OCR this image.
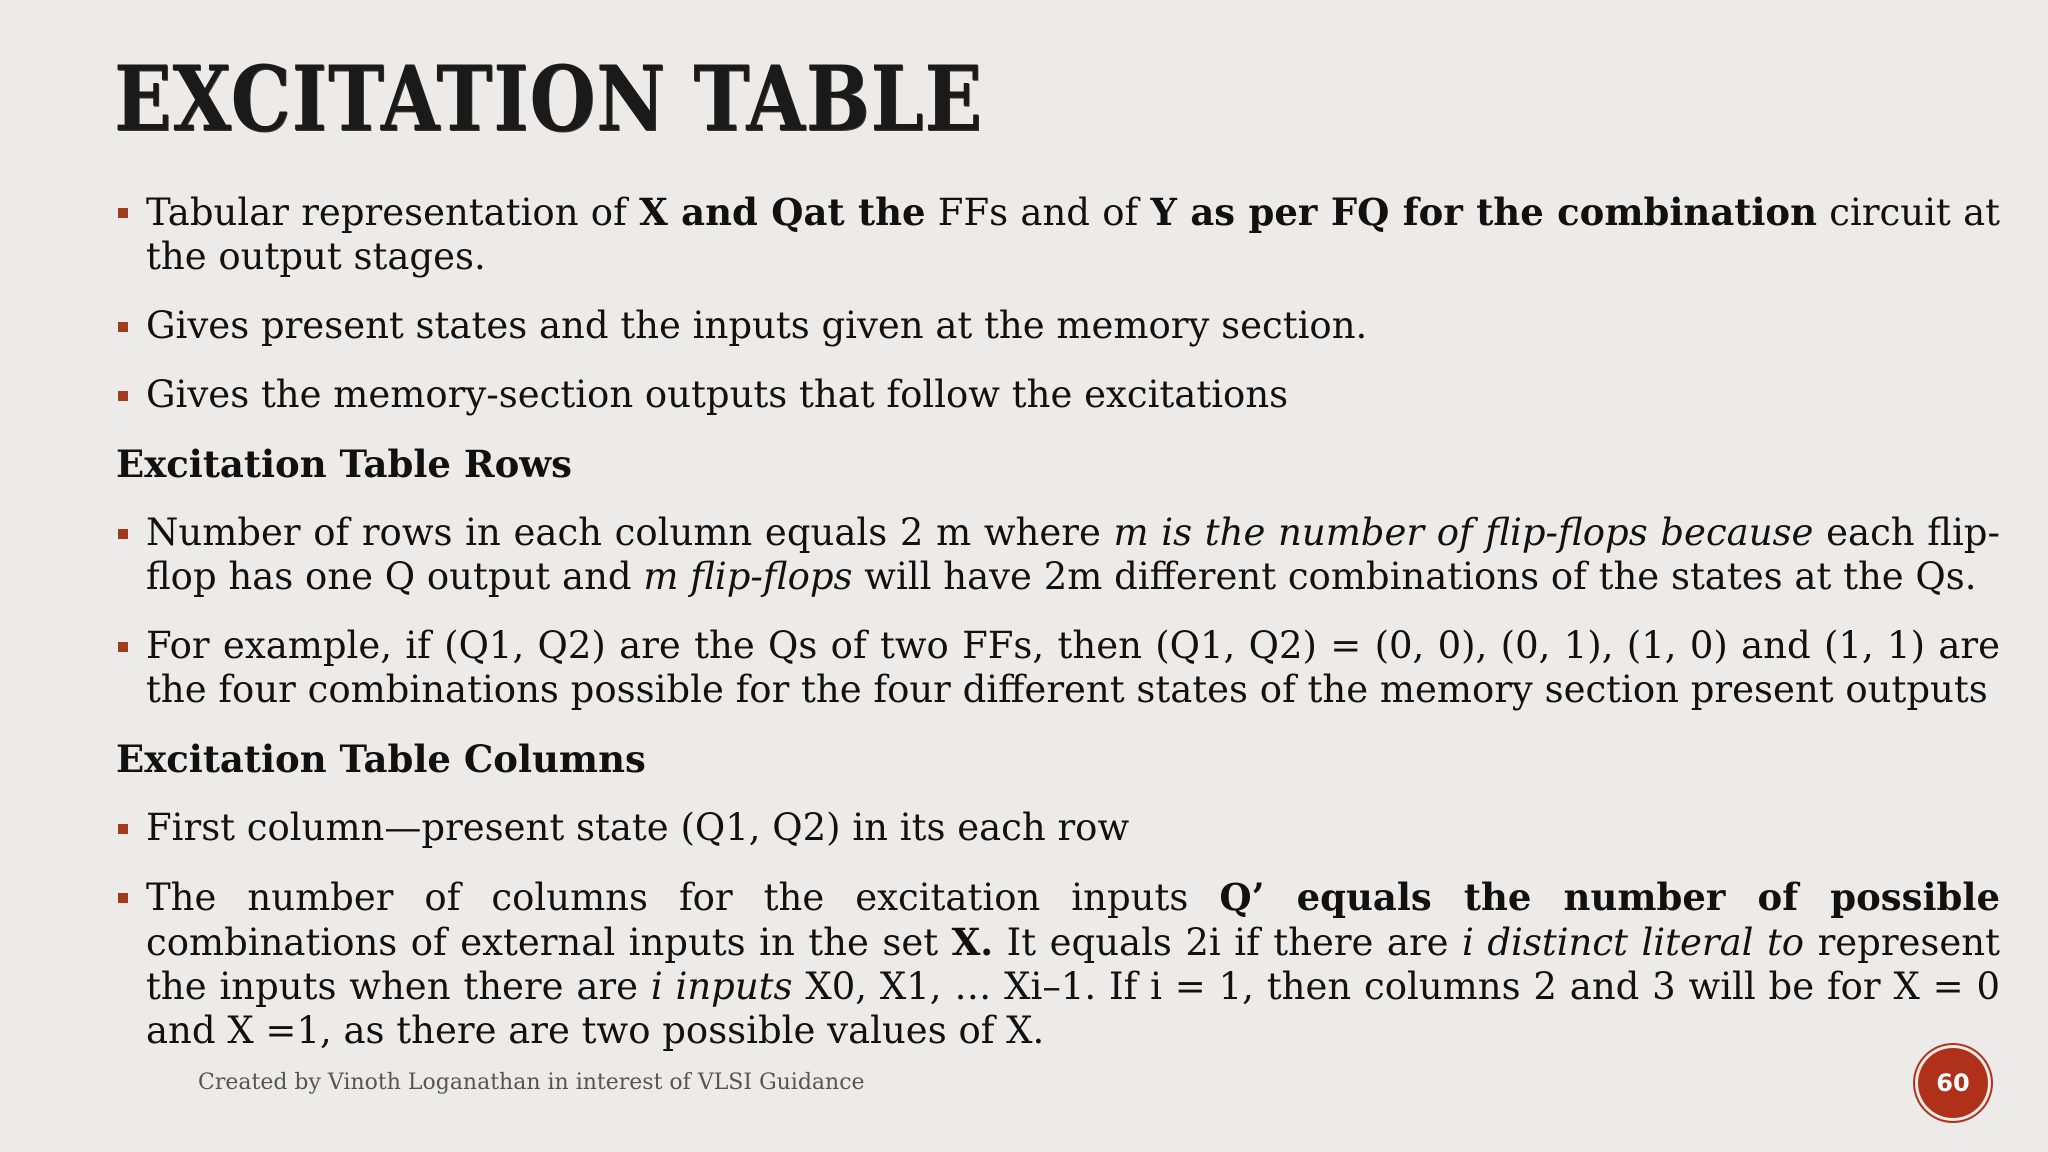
EXCITATION TABLE
Tabular representation of X and Qat the FFs and of Y as per FQ for the combination circuit at the output stages.
Gives present states and the inputs given at the memory section.
Gives the memory-section outputs that follow the excitations
Excitation Table Rows
Number of rows in each column equals 2 m where m is the number of flip-flops because each flip-flop has one Q output and m flip-flops will have 2m different combinations of the states at the Qs.
For example, if (Q1, Q2) are the Qs of two FFs, then (Q1, Q2) = (0, 0), (0, 1), (1, 0) and (1, 1) are the four combinations possible for the four different states of the memory section present outputs
Excitation Table Columns
First column—present state (Q1, Q2) in its each row
The number of columns for the excitation inputs Q’ equals the number of possible combinations of external inputs in the set X. It equals 2i if there are i distinct literal to represent the inputs when there are i inputs X0, X1, … Xi–1. If i = 1, then columns 2 and 3 will be for X = 0 and X =1, as there are two possible values of X.
Created by Vinoth Loganathan in interest of VLSI Guidance	60
